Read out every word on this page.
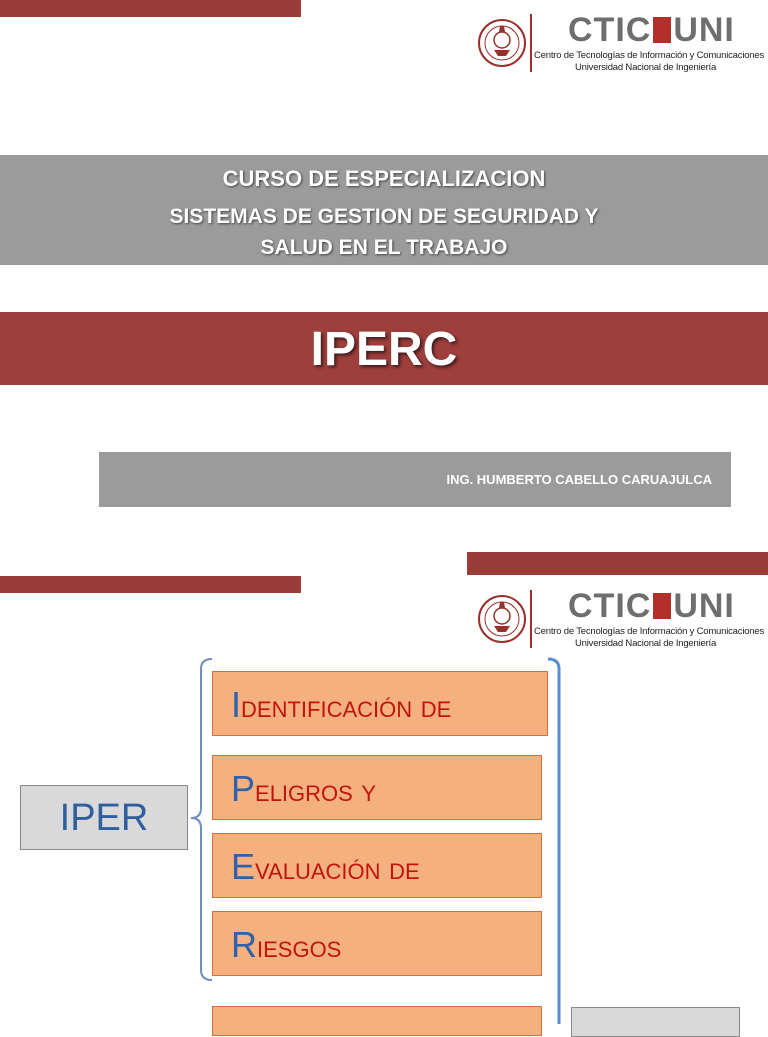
CTIC UNI
Centro de Tecnologías de Información y Comunicaciones
Universidad Nacional de Ingeniería
CURSO DE ESPECIALIZACION
SISTEMAS DE GESTION DE SEGURIDAD Y
SALUD EN EL TRABAJO
IPERC
ING. HUMBERTO CABELLO CARUAJULCA
CTIC UNI
Centro de Tecnologías de Información y Comunicaciones
Universidad Nacional de Ingeniería
IPER
Identificación de
Peligros y
Evaluación de
Riesgos
